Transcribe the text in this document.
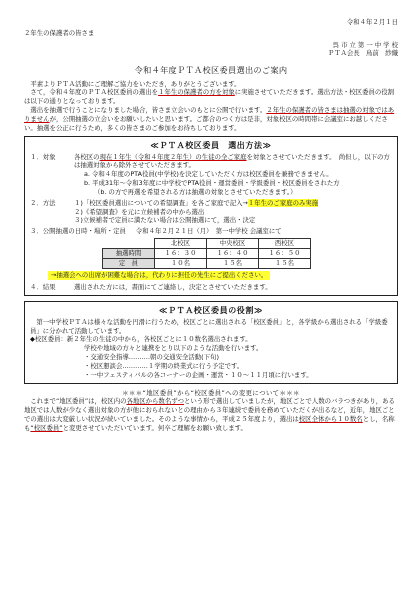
令和４年２月１日
２年生の保護者の皆さま
呉 市 立 第 一 中 学 校
ＰＴＡ会長　鳥前　紗織
令和４年度ＰＴＡ校区委員選出のご案内
平素よりＰＴＡ活動にご理解ご協力をいただき，ありがとうございます。
さて，令和４年度のＰＴＡ校区委員の選出を１年生の保護者の方を対象に実施させていただきます。選出方法・校区委員の役割は以下の通りとなっております。
選出を抽選で行うことになりました場合，皆さま立会いのもとに公開で行います。２年生の保護者の皆さまは抽選の対象ではありませんが，公開抽選の立会いをお願いしたいと思います。ご都合のつく方は是非，対象校区の時間帯に会議室にお越しください。抽選を公正に行うため，多くの皆さまのご参加をお待ちしております。
≪ＰＴＡ校区委員　選出方法≫
１．対象	各校区の現在１年生（令和４年度２年生）の生徒の全ご家庭を対象とさせていただきます。　尚但し，以下の方は抽選対象から除外させていただきます。
a. 令和４年度のPTA役員(中学校)を決定していただく方は校区委員を兼務できません。
b. 平成31年～令和3年度に中学校でPTA役員・運営委員・学級委員・校区委員をされた方
（b. の方で再選を希望される方は抽選の対象とさせていただきます。）
２．方法	１)「校区委員選出についての希望調査」を各ご家庭で記入→１年生のご家庭のみ実施
２)《希望調査》を元に立候補者の中から選出
３)立候補者で定員に満たない場合は公開抽選にて，選出・決定
３．公開抽選の日時・場所・定員 令和４年２月２１日（月）　第一中学校 会議室にて
	北校区	中央校区	西校区
抽選時間	１６：３０	１６：４０	１６：５０
定　員	１０名	１５名	１５名
→抽選会への出席が困難な場合は，代わりに担任の先生にご提出ください。
４．結果	選出された方には，書面にてご連絡し，決定とさせていただきます。
≪ＰＴＡ校区委員の役割≫
第一中学校ＰＴＡは様々な活動を円滑に行うため，校区ごとに選出される「校区委員」と，各学級から選出される「学級委員」に分かれて活動しています。
◆校区委員：新２年生の生徒の中から，各校区ごとに１０数名選出されます。
学校や地域の方々と連携をとり以下のような活動を行います。
・交通安全指導‥‥‥‥‥朝の交通安全活動(下旬)
・校区懇談会‥‥‥‥‥‥１学期の終業式に行う予定です。
・一中フェスティバルの各コーナーの企画・運営・１０～１１月頃に行います。
＊＊＊“地区委員”から“校区委員”への変更について＊＊＊
これまで“地区委員”は，校区内の各地区から数名ずつという形で選出していましたが，地区ごとで人数のバラつきがあり，ある地区では人数が少なく選出対象の方が他におられないとの理由から３年連続で委員を務めていただくが出るなど，近年，地区ごとでの選出は大変厳しい状況が続いていました。そのような事情から，平成２５年度より，選出は校区全体から１０数名とし，名称も“校区委員”と変更させていただいています。何卒ご理解をお願い致します。
